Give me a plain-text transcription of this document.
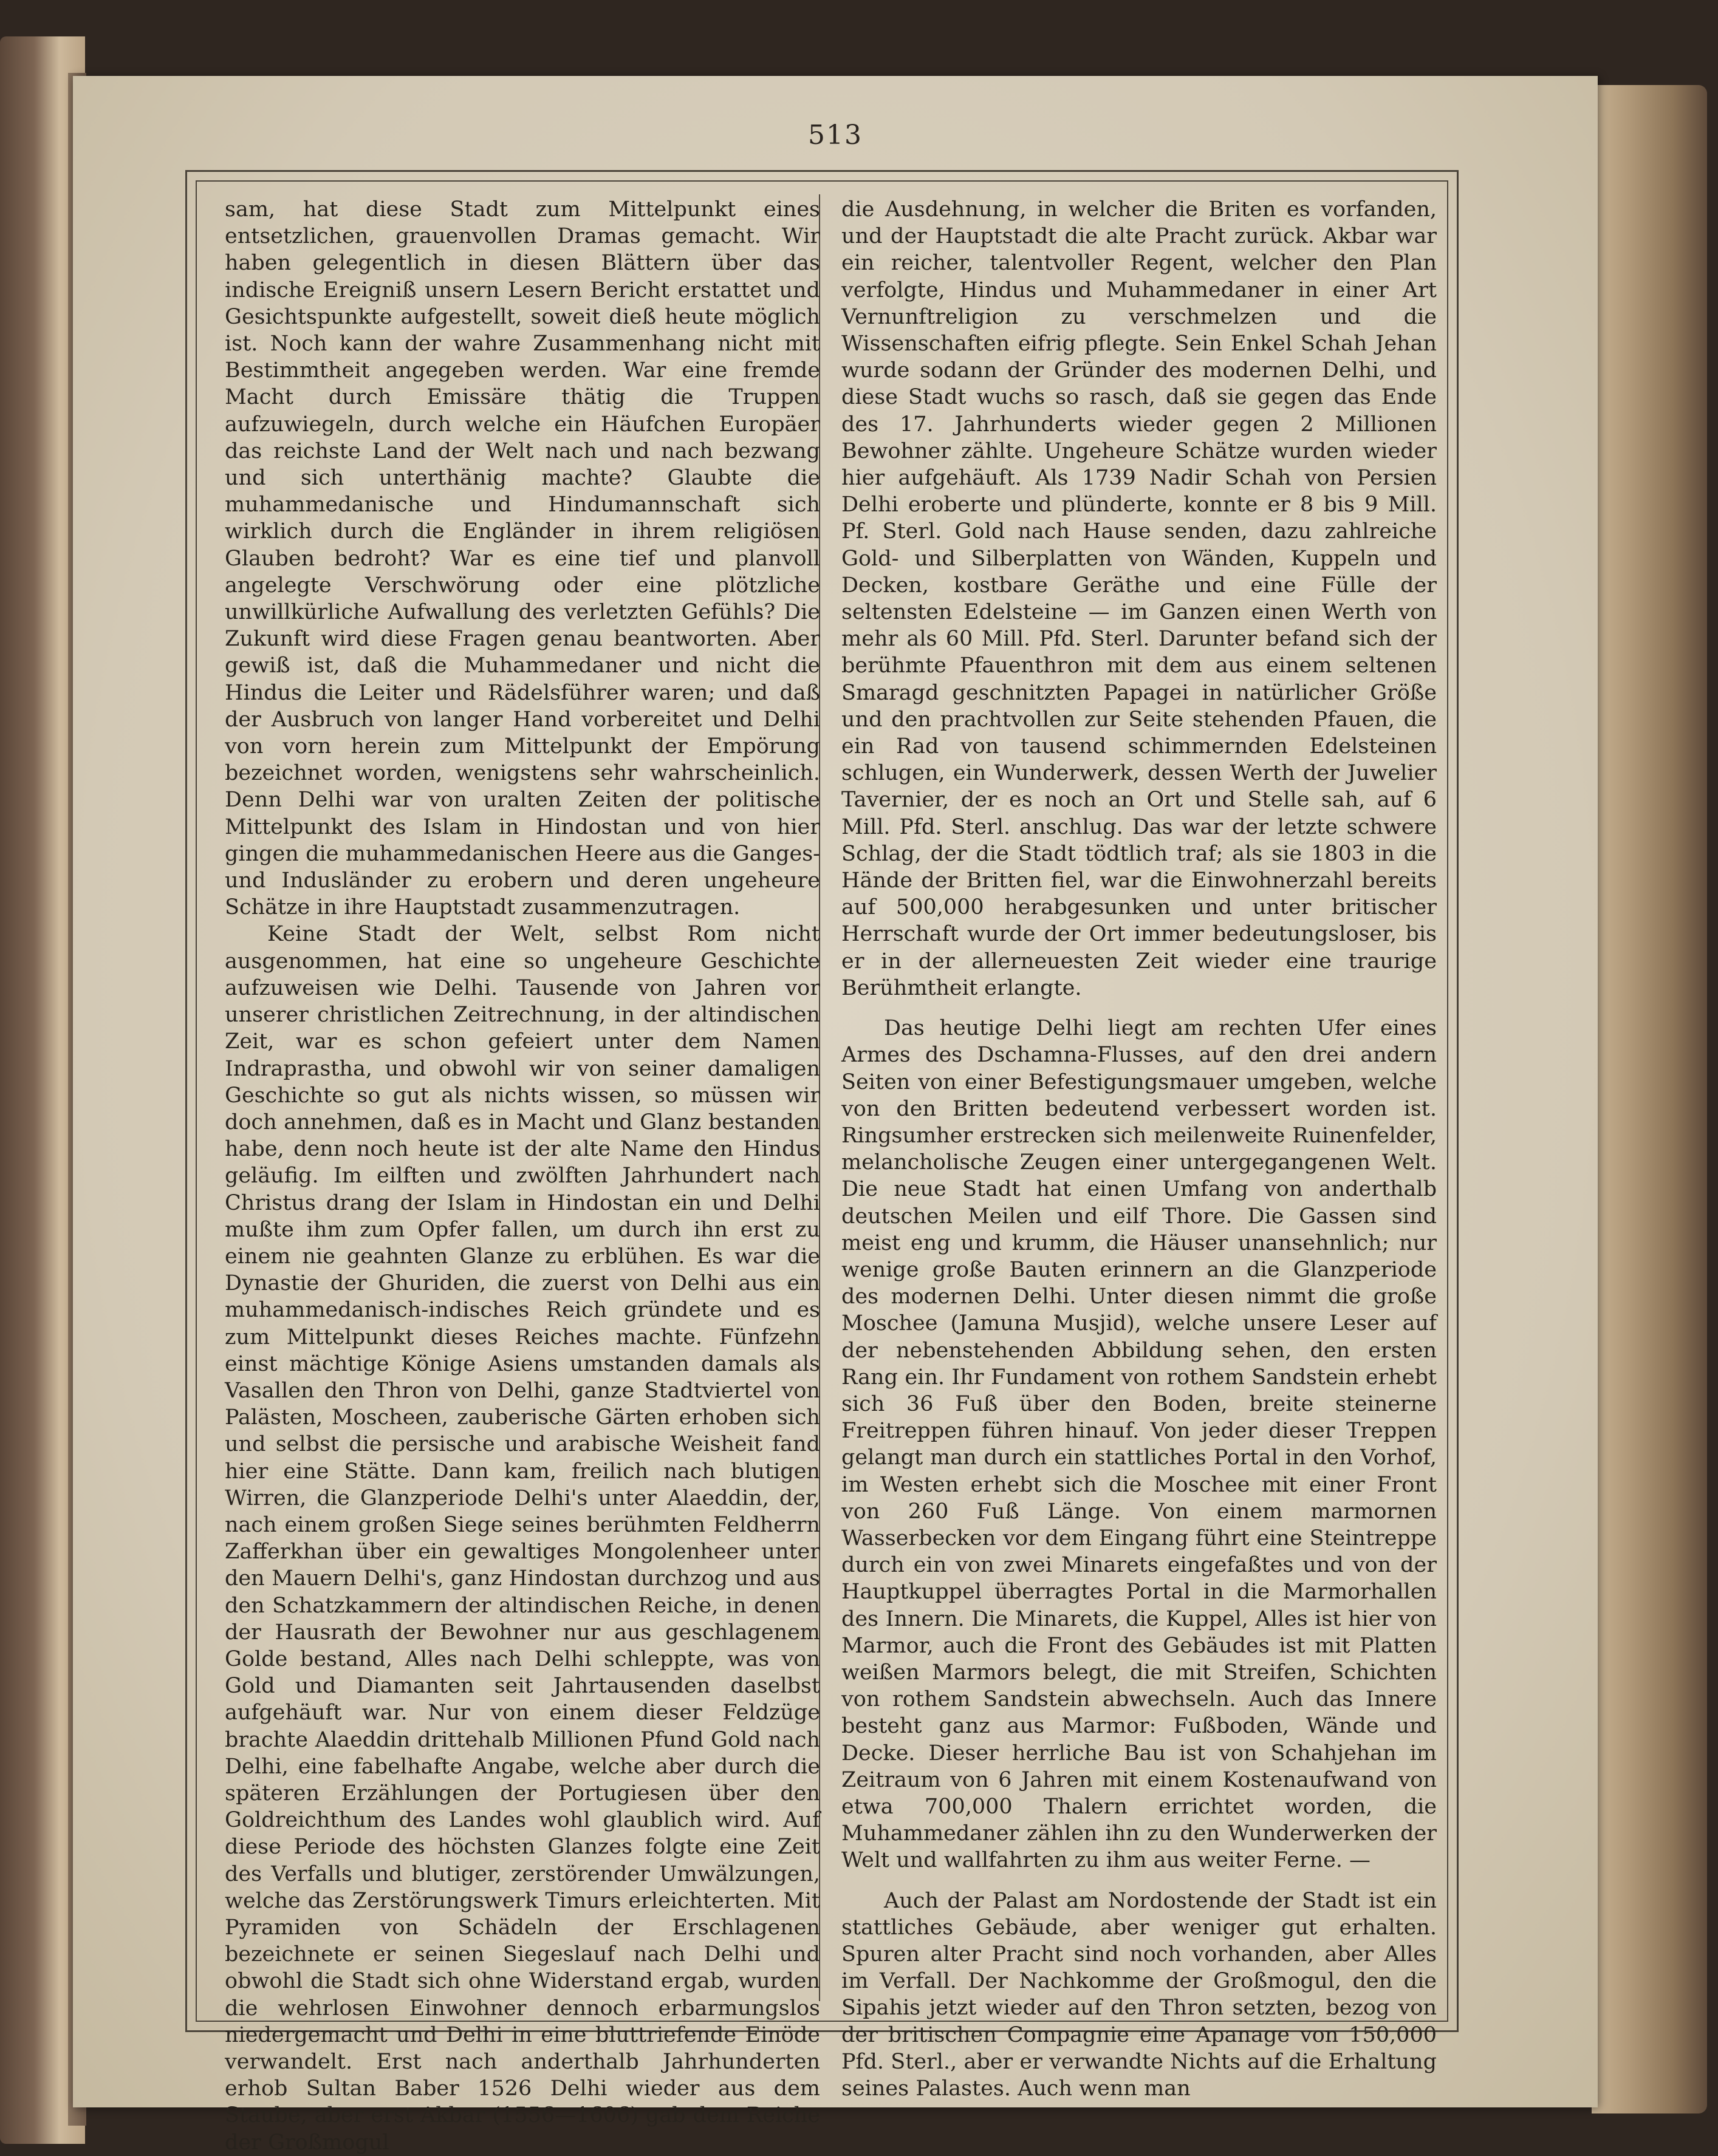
513

sam, hat diese Stadt zum Mittelpunkt eines entsetzlichen, grauenvollen Dramas gemacht. Wir haben gelegentlich in diesen Blättern über das indische Ereigniß unsern Lesern Bericht erstattet und Gesichtspunkte aufgestellt, soweit dieß heute möglich ist. Noch kann der wahre Zusammenhang nicht mit Bestimmtheit angegeben werden. War eine fremde Macht durch Emissäre thätig die Truppen aufzuwiegeln, durch welche ein Häufchen Europäer das reichste Land der Welt nach und nach bezwang und sich unterthänig machte? Glaubte die muhammedanische und Hindumannschaft sich wirklich durch die Engländer in ihrem religiösen Glauben bedroht? War es eine tief und planvoll angelegte Verschwörung oder eine plötzliche unwillkürliche Aufwallung des verletzten Gefühls? Die Zukunft wird diese Fragen genau beantworten. Aber gewiß ist, daß die Muhammedaner und nicht die Hindus die Leiter und Rädelsführer waren; und daß der Ausbruch von langer Hand vorbereitet und Delhi von vorn herein zum Mittelpunkt der Empörung bezeichnet worden, wenigstens sehr wahrscheinlich. Denn Delhi war von uralten Zeiten der politische Mittelpunkt des Islam in Hindostan und von hier gingen die muhammedanischen Heere aus die Ganges- und Indusländer zu erobern und deren ungeheure Schätze in ihre Hauptstadt zusammenzutragen.

Keine Stadt der Welt, selbst Rom nicht ausgenommen, hat eine so ungeheure Geschichte aufzuweisen wie Delhi. Tausende von Jahren vor unserer christlichen Zeitrechnung, in der altindischen Zeit, war es schon gefeiert unter dem Namen Indraprastha, und obwohl wir von seiner damaligen Geschichte so gut als nichts wissen, so müssen wir doch annehmen, daß es in Macht und Glanz bestanden habe, denn noch heute ist der alte Name den Hindus geläufig. Im eilften und zwölften Jahrhundert nach Christus drang der Islam in Hindostan ein und Delhi mußte ihm zum Opfer fallen, um durch ihn erst zu einem nie geahnten Glanze zu erblühen. Es war die Dynastie der Ghuriden, die zuerst von Delhi aus ein muhammedanisch-indisches Reich gründete und es zum Mittelpunkt dieses Reiches machte. Fünfzehn einst mächtige Könige Asiens umstanden damals als Vasallen den Thron von Delhi, ganze Stadtviertel von Palästen, Moscheen, zauberische Gärten erhoben sich und selbst die persische und arabische Weisheit fand hier eine Stätte. Dann kam, freilich nach blutigen Wirren, die Glanzperiode Delhi's unter Alaeddin, der, nach einem großen Siege seines berühmten Feldherrn Zafferkhan über ein gewaltiges Mongolenheer unter den Mauern Delhi's, ganz Hindostan durchzog und aus den Schatzkammern der altindischen Reiche, in denen der Hausrath der Bewohner nur aus geschlagenem Golde bestand, Alles nach Delhi schleppte, was von Gold und Diamanten seit Jahrtausenden daselbst aufgehäuft war. Nur von einem dieser Feldzüge brachte Alaeddin drittehalb Millionen Pfund Gold nach Delhi, eine fabelhafte Angabe, welche aber durch die späteren Erzählungen der Portugiesen über den Goldreichthum des Landes wohl glaublich wird. Auf diese Periode des höchsten Glanzes folgte eine Zeit des Verfalls und blutiger, zerstörender Umwälzungen, welche das Zerstörungswerk Timurs erleichterten. Mit Pyramiden von Schädeln der Erschlagenen bezeichnete er seinen Siegeslauf nach Delhi und obwohl die Stadt sich ohne Widerstand ergab, wurden die wehrlosen Einwohner dennoch erbarmungslos niedergemacht und Delhi in eine bluttriefende Einöde verwandelt. Erst nach anderthalb Jahrhunderten erhob Sultan Baber 1526 Delhi wieder aus dem Staube, aber erst Akbar (1556—1606) gab dem Reiche der Großmogul

die Ausdehnung, in welcher die Briten es vorfanden, und der Hauptstadt die alte Pracht zurück. Akbar war ein reicher, talentvoller Regent, welcher den Plan verfolgte, Hindus und Muhammedaner in einer Art Vernunftreligion zu verschmelzen und die Wissenschaften eifrig pflegte. Sein Enkel Schah Jehan wurde sodann der Gründer des modernen Delhi, und diese Stadt wuchs so rasch, daß sie gegen das Ende des 17. Jahrhunderts wieder gegen 2 Millionen Bewohner zählte. Ungeheure Schätze wurden wieder hier aufgehäuft. Als 1739 Nadir Schah von Persien Delhi eroberte und plünderte, konnte er 8 bis 9 Mill. Pf. Sterl. Gold nach Hause senden, dazu zahlreiche Gold- und Silberplatten von Wänden, Kuppeln und Decken, kostbare Geräthe und eine Fülle der seltensten Edelsteine — im Ganzen einen Werth von mehr als 60 Mill. Pfd. Sterl. Darunter befand sich der berühmte Pfauenthron mit dem aus einem seltenen Smaragd geschnitzten Papagei in natürlicher Größe und den prachtvollen zur Seite stehenden Pfauen, die ein Rad von tausend schimmernden Edelsteinen schlugen, ein Wunderwerk, dessen Werth der Juwelier Tavernier, der es noch an Ort und Stelle sah, auf 6 Mill. Pfd. Sterl. anschlug. Das war der letzte schwere Schlag, der die Stadt tödtlich traf; als sie 1803 in die Hände der Britten fiel, war die Einwohnerzahl bereits auf 500,000 herabgesunken und unter britischer Herrschaft wurde der Ort immer bedeutungsloser, bis er in der allerneuesten Zeit wieder eine traurige Berühmtheit erlangte.

Das heutige Delhi liegt am rechten Ufer eines Armes des Dschamna-Flusses, auf den drei andern Seiten von einer Befestigungsmauer umgeben, welche von den Britten bedeutend verbessert worden ist. Ringsumher erstrecken sich meilenweite Ruinenfelder, melancholische Zeugen einer untergegangenen Welt. Die neue Stadt hat einen Umfang von anderthalb deutschen Meilen und eilf Thore. Die Gassen sind meist eng und krumm, die Häuser unansehnlich; nur wenige große Bauten erinnern an die Glanzperiode des modernen Delhi. Unter diesen nimmt die große Moschee (Jamuna Musjid), welche unsere Leser auf der nebenstehenden Abbildung sehen, den ersten Rang ein. Ihr Fundament von rothem Sandstein erhebt sich 36 Fuß über den Boden, breite steinerne Freitreppen führen hinauf. Von jeder dieser Treppen gelangt man durch ein stattliches Portal in den Vorhof, im Westen erhebt sich die Moschee mit einer Front von 260 Fuß Länge. Von einem marmornen Wasserbecken vor dem Eingang führt eine Steintreppe durch ein von zwei Minarets eingefaßtes und von der Hauptkuppel überragtes Portal in die Marmorhallen des Innern. Die Minarets, die Kuppel, Alles ist hier von Marmor, auch die Front des Gebäudes ist mit Platten weißen Marmors belegt, die mit Streifen, Schichten von rothem Sandstein abwechseln. Auch das Innere besteht ganz aus Marmor: Fußboden, Wände und Decke. Dieser herrliche Bau ist von Schahjehan im Zeitraum von 6 Jahren mit einem Kostenaufwand von etwa 700,000 Thalern errichtet worden, die Muhammedaner zählen ihn zu den Wunderwerken der Welt und wallfahrten zu ihm aus weiter Ferne. —

Auch der Palast am Nordostende der Stadt ist ein stattliches Gebäude, aber weniger gut erhalten. Spuren alter Pracht sind noch vorhanden, aber Alles im Verfall. Der Nachkomme der Großmogul, den die Sipahis jetzt wieder auf den Thron setzten, bezog von der britischen Compagnie eine Apanage von 150,000 Pfd. Sterl., aber er verwandte Nichts auf die Erhaltung seines Palastes. Auch wenn man
